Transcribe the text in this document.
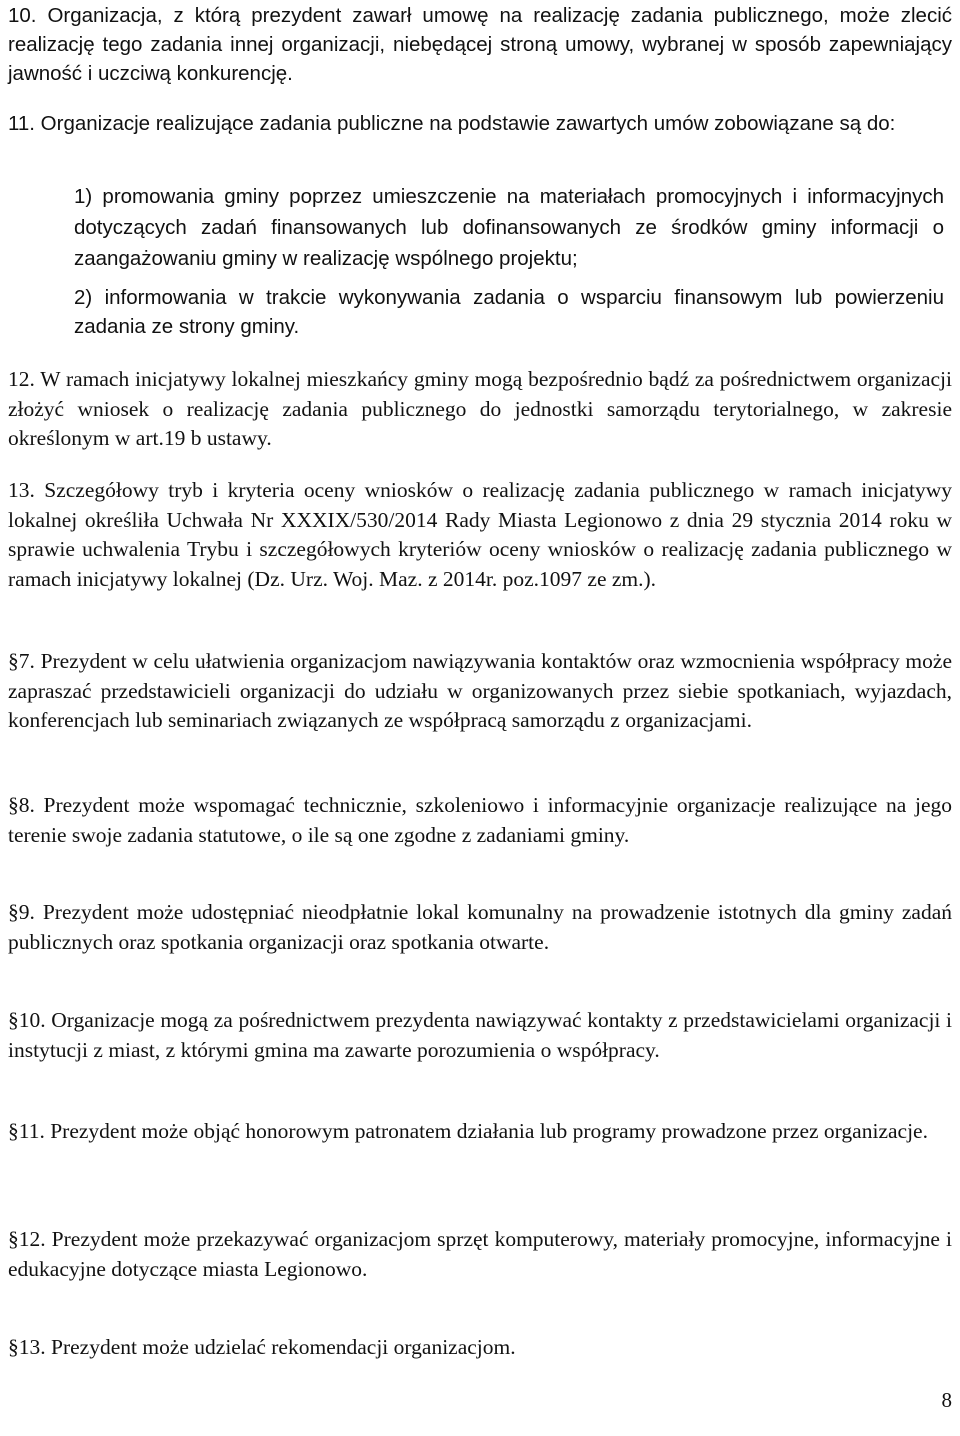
10. Organizacja, z którą prezydent zawarł umowę na realizację zadania publicznego, może zlecić realizację tego zadania innej organizacji, niebędącej stroną umowy, wybranej w sposób zapewniający jawność i uczciwą konkurencję.

11. Organizacje realizujące zadania publiczne na podstawie zawartych umów zobowiązane są do:

1) promowania gminy poprzez umieszczenie na materiałach promocyjnych i informacyjnych dotyczących zadań finansowanych lub dofinansowanych ze środków gminy informacji o zaangażowaniu gminy w realizację wspólnego projektu;

2) informowania w trakcie wykonywania zadania o wsparciu finansowym lub powierzeniu zadania ze strony gminy.

12. W ramach inicjatywy lokalnej mieszkańcy gminy mogą bezpośrednio bądź za pośrednictwem organizacji złożyć wniosek o realizację zadania publicznego do jednostki samorządu terytorialnego, w zakresie określonym w art.19 b ustawy.

13. Szczegółowy tryb i kryteria oceny wniosków o realizację zadania publicznego w ramach inicjatywy lokalnej określiła Uchwała Nr XXXIX/530/2014 Rady Miasta Legionowo z dnia 29 stycznia 2014 roku w sprawie uchwalenia Trybu i szczegółowych kryteriów oceny wniosków o realizację zadania publicznego w ramach inicjatywy lokalnej (Dz. Urz. Woj. Maz. z 2014r. poz.1097 ze zm.).

§7. Prezydent w celu ułatwienia organizacjom nawiązywania kontaktów oraz wzmocnienia współpracy może zapraszać przedstawicieli organizacji do udziału w organizowanych przez siebie spotkaniach, wyjazdach, konferencjach lub seminariach związanych ze współpracą samorządu z organizacjami.

§8. Prezydent może wspomagać technicznie, szkoleniowo i informacyjnie organizacje realizujące na jego terenie swoje zadania statutowe, o ile są one zgodne z zadaniami gminy.

§9. Prezydent może udostępniać nieodpłatnie lokal komunalny na prowadzenie istotnych dla gminy zadań publicznych oraz spotkania organizacji oraz spotkania otwarte.

§10. Organizacje mogą za pośrednictwem prezydenta nawiązywać kontakty z przedstawicielami organizacji i instytucji z miast, z którymi gmina ma zawarte porozumienia o współpracy.

§11. Prezydent może objąć honorowym patronatem działania lub programy prowadzone przez organizacje.

§12. Prezydent może przekazywać organizacjom sprzęt komputerowy, materiały promocyjne, informacyjne i edukacyjne dotyczące miasta Legionowo.

§13. Prezydent może udzielać rekomendacji organizacjom.

8
